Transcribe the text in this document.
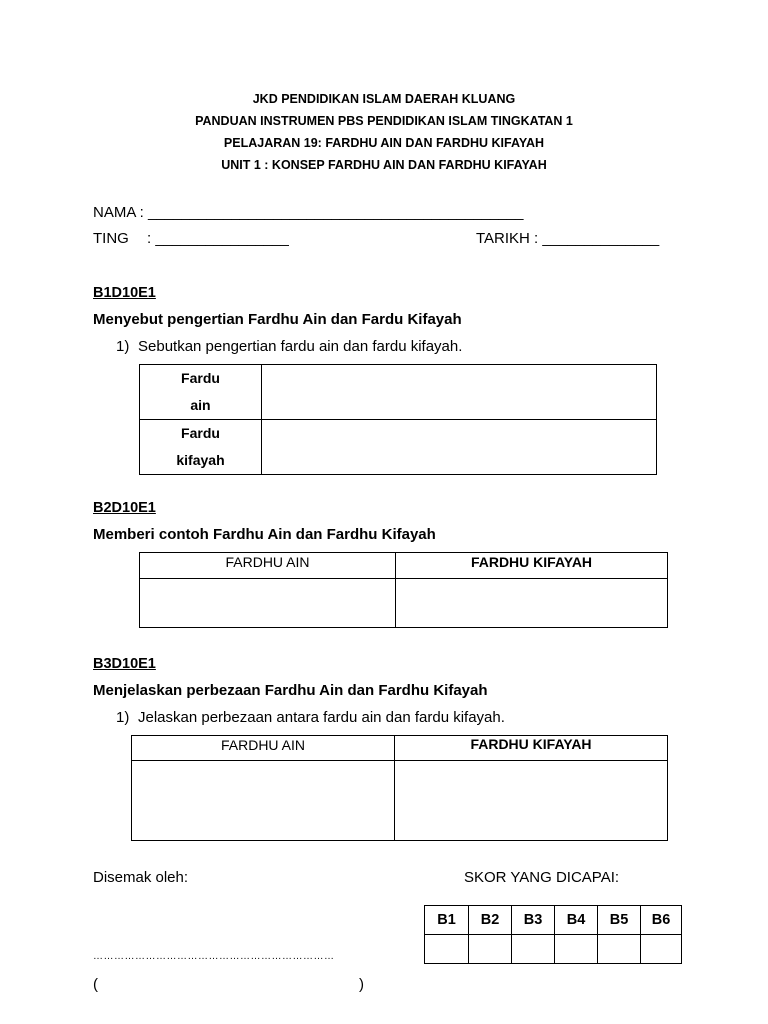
JKD PENDIDIKAN ISLAM DAERAH KLUANG
PANDUAN INSTRUMEN PBS PENDIDIKAN ISLAM TINGKATAN 1
PELAJARAN 19: FARDHU AIN DAN FARDHU KIFAYAH
UNIT 1 : KONSEP FARDHU AIN DAN FARDHU KIFAYAH
NAMA : _____________________________________________
TING : ________________	TARIKH : ______________
B1D10E1
Menyebut pengertian Fardhu Ain dan Fardu Kifayah
1) Sebutkan pengertian fardu ain dan fardu kifayah.
Fardu
ain	

Fardu
kifayah	

B2D10E1
Memberi contoh Fardhu Ain dan Fardhu Kifayah
FARDHU AIN	FARDHU KIFAYAH

B3D10E1
Menjelaskan perbezaan Fardhu Ain dan Fardhu Kifayah
1) Jelaskan perbezaan antara fardu ain dan fardu kifayah.
FARDHU AIN	FARDHU KIFAYAH

Disemak oleh:	SKOR YANG DICAPAI:
B1	B2	B3	B4	B5	B6

……………………………………………………………
(	)
